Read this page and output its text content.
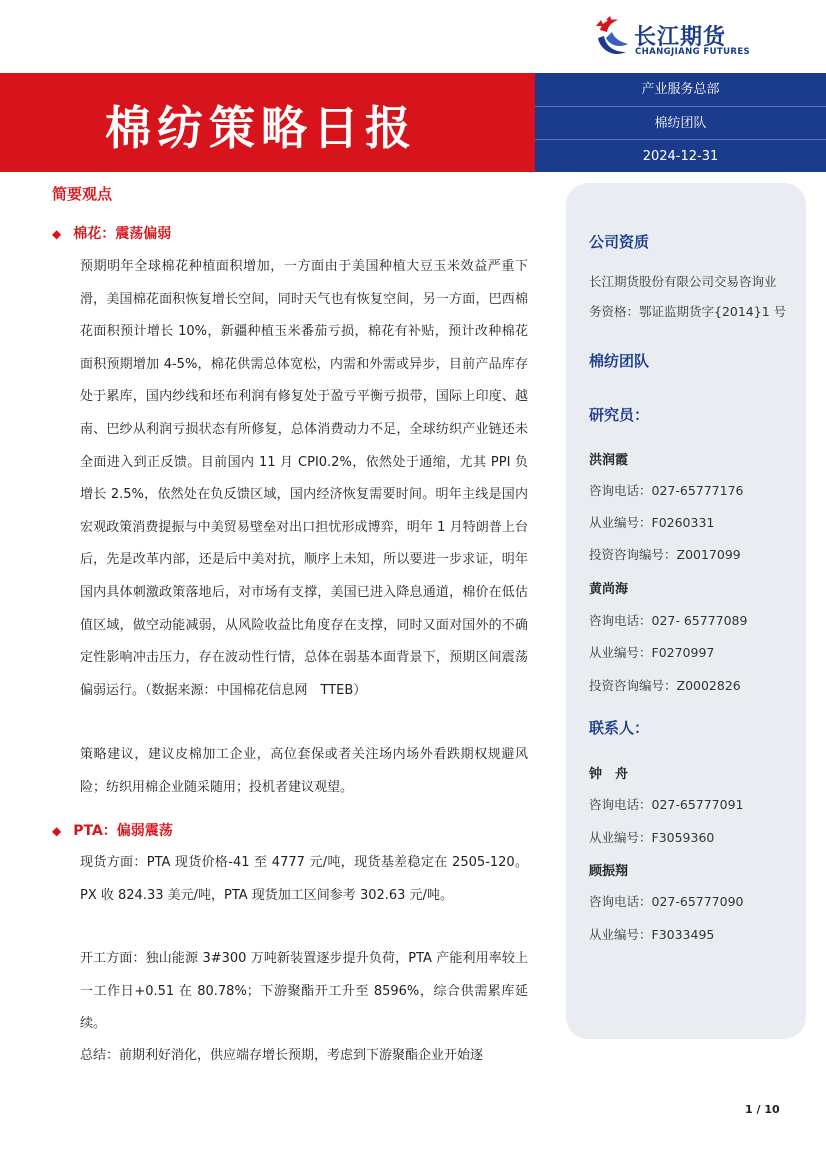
长江期货
CHANGJIANG FUTURES
棉纺策略日报
产业服务总部
棉纺团队
2024-12-31
简要观点
◆ 棉花：震荡偏弱

预期明年全球棉花种植面积增加，一方面由于美国种植大豆玉米效益严重下滑，美国棉花面积恢复增长空间，同时天气也有恢复空间，另一方面，巴西棉花面积预计增长 10%，新疆种植玉米番茄亏损，棉花有补贴，预计改种棉花面积预期增加 4-5%，棉花供需总体宽松，内需和外需或异步，目前产品库存处于累库，国内纱线和坯布利润有修复处于盈亏平衡亏损带，国际上印度、越南、巴纱从利润亏损状态有所修复，总体消费动力不足，全球纺织产业链还未全面进入到正反馈。目前国内 11 月 CPI0.2%，依然处于通缩，尤其 PPI 负增长 2.5%，依然处在负反馈区域，国内经济恢复需要时间。明年主线是国内宏观政策消费提振与中美贸易壁垒对出口担忧形成博弈，明年 1 月特朗普上台后，先是改革内部，还是后中美对抗，顺序上未知，所以要进一步求证，明年国内具体刺激政策落地后，对市场有支撑，美国已进入降息通道，棉价在低估值区域，做空动能减弱，从风险收益比角度存在支撑，同时又面对国外的不确定性影响冲击压力，存在波动性行情，总体在弱基本面背景下，预期区间震荡偏弱运行。（数据来源：中国棉花信息网　TTEB）

策略建议，建议皮棉加工企业，高位套保或者关注场内场外看跌期权规避风险；纺织用棉企业随采随用；投机者建议观望。

◆ PTA：偏弱震荡

现货方面：PTA 现货价格-41 至 4777 元/吨，现货基差稳定在 2505-120。PX 收 824.33 美元/吨，PTA 现货加工区间参考 302.63 元/吨。

开工方面：独山能源 3#300 万吨新装置逐步提升负荷，PTA 产能利用率较上一工作日+0.51 在 80.78%；下游聚酯开工升至 8596%，综合供需累库延续。

总结：前期利好消化，供应端存增长预期，考虑到下游聚酯企业开始逐

公司资质
长江期货股份有限公司交易咨询业
务资格：鄂证监期货字{2014}1 号
棉纺团队
研究员：
洪润霞
咨询电话：027-65777176
从业编号：F0260331
投资咨询编号：Z0017099
黄尚海
咨询电话：027- 65777089
从业编号：F0270997
投资咨询编号：Z0002826
联系人：
钟　舟
咨询电话：027-65777091
从业编号：F3059360
顾振翔
咨询电话：027-65777090
从业编号：F3033495
1 / 10
